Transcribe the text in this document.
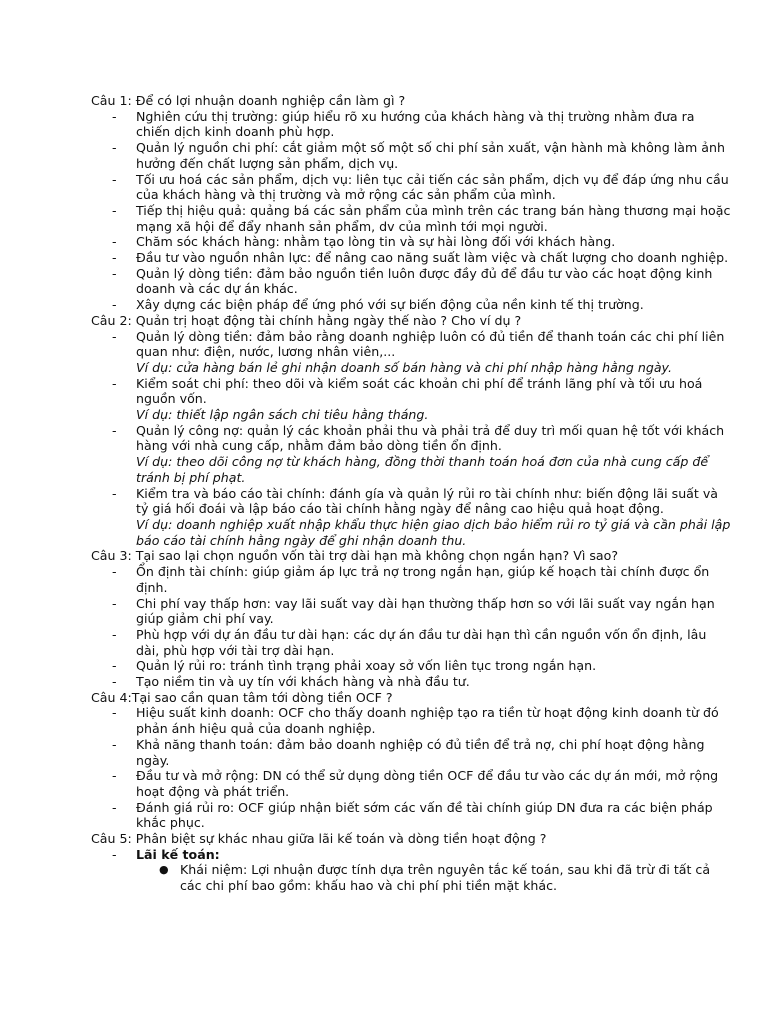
Câu 1: Để có lợi nhuận doanh nghiệp cần làm gì ?

- Nghiên cứu thị trường: giúp hiểu rõ xu hướng của khách hàng và thị trường nhằm đưa ra chiến dịch kinh doanh phù hợp.
- Quản lý nguồn chi phí: cắt giảm một số một số chi phí sản xuất, vận hành mà không làm ảnh hưởng đến chất lượng sản phẩm, dịch vụ.
- Tối ưu hoá các sản phẩm, dịch vụ: liên tục cải tiến các sản phẩm, dịch vụ để đáp ứng nhu cầu của khách hàng và thị trường và mở rộng các sản phẩm của mình.
- Tiếp thị hiệu quả: quảng bá các sản phẩm của mình trên các trang bán hàng thương mại hoặc mạng xã hội để đẩy nhanh sản phẩm, dv của mình tới mọi người.
- Chăm sóc khách hàng: nhằm tạo lòng tin và sự hài lòng đối với khách hàng.
- Đầu tư vào nguồn nhân lực: để nâng cao năng suất làm việc và chất lượng cho doanh nghiệp.
- Quản lý dòng tiền: đảm bảo nguồn tiền luôn được đầy đủ để đầu tư vào các hoạt động kinh doanh và các dự án khác.
- Xây dựng các biện pháp để ứng phó với sự biến động của nền kinh tế thị trường.

Câu 2: Quản trị hoạt động tài chính hằng ngày thế nào ? Cho ví dụ ?

- Quản lý dòng tiền: đảm bảo rằng doanh nghiệp luôn có đủ tiền để thanh toán các chi phí liên quan như: điện, nước, lương nhân viên,...
Ví dụ: cửa hàng bán lẻ ghi nhận doanh số bán hàng và chi phí nhập hàng hằng ngày.
- Kiểm soát chi phí: theo dõi và kiểm soát các khoản chi phí để tránh lãng phí và tối ưu hoá nguồn vốn.
Ví dụ: thiết lập ngân sách chi tiêu hằng tháng.
- Quản lý công nợ: quản lý các khoản phải thu và phải trả để duy trì mối quan hệ tốt với khách hàng với nhà cung cấp, nhằm đảm bảo dòng tiền ổn định.
Ví dụ: theo dõi công nợ từ khách hàng, đồng thời thanh toán hoá đơn của nhà cung cấp để tránh bị phí phạt.
- Kiểm tra và báo cáo tài chính: đánh gía và quản lý rủi ro tài chính như: biến động lãi suất và tỷ giá hối đoái và lập báo cáo tài chính hằng ngày để nâng cao hiệu quả hoạt động.
Ví dụ: doanh nghiệp xuất nhập khẩu thực hiện giao dịch bảo hiểm rủi ro tỷ giá và cần phải lập báo cáo tài chính hằng ngày để ghi nhận doanh thu.

Câu 3: Tại sao lại chọn nguồn vốn tài trợ dài hạn mà không chọn ngắn hạn? Vì sao?

- Ổn định tài chính: giúp giảm áp lực trả nợ trong ngắn hạn, giúp kế hoạch tài chính được ổn định.
- Chi phí vay thấp hơn: vay lãi suất vay dài hạn thường thấp hơn so với lãi suất vay ngắn hạn giúp giảm chi phí vay.
- Phù hợp với dự án đầu tư dài hạn: các dự án đầu tư dài hạn thì cần nguồn vốn ổn định, lâu dài, phù hợp với tài trợ dài hạn.
- Quản lý rủi ro: tránh tình trạng phải xoay sở vốn liên tục trong ngắn hạn.
- Tạo niềm tin và uy tín với khách hàng và nhà đầu tư.

Câu 4:Tại sao cần quan tâm tới dòng tiền OCF ?

- Hiệu suất kinh doanh: OCF cho thấy doanh nghiệp tạo ra tiền từ hoạt động kinh doanh từ đó phản ánh hiệu quả của doanh nghiệp.
- Khả năng thanh toán: đảm bảo doanh nghiệp có đủ tiền để trả nợ, chi phí hoạt động hằng ngày.
- Đầu tư và mở rộng: DN có thể sử dụng dòng tiền OCF để đầu tư vào các dự án mới, mở rộng hoạt động và phát triển.
- Đánh giá rủi ro: OCF giúp nhận biết sớm các vấn đề tài chính giúp DN đưa ra các biện pháp khắc phục.

Câu 5: Phân biệt sự khác nhau giữa lãi kế toán và dòng tiền hoạt động ?

- Lãi kế toán:
● Khái niệm: Lợi nhuận được tính dựa trên nguyên tắc kế toán, sau khi đã trừ đi tất cả các chi phí bao gồm: khấu hao và chi phí phi tiền mặt khác.
